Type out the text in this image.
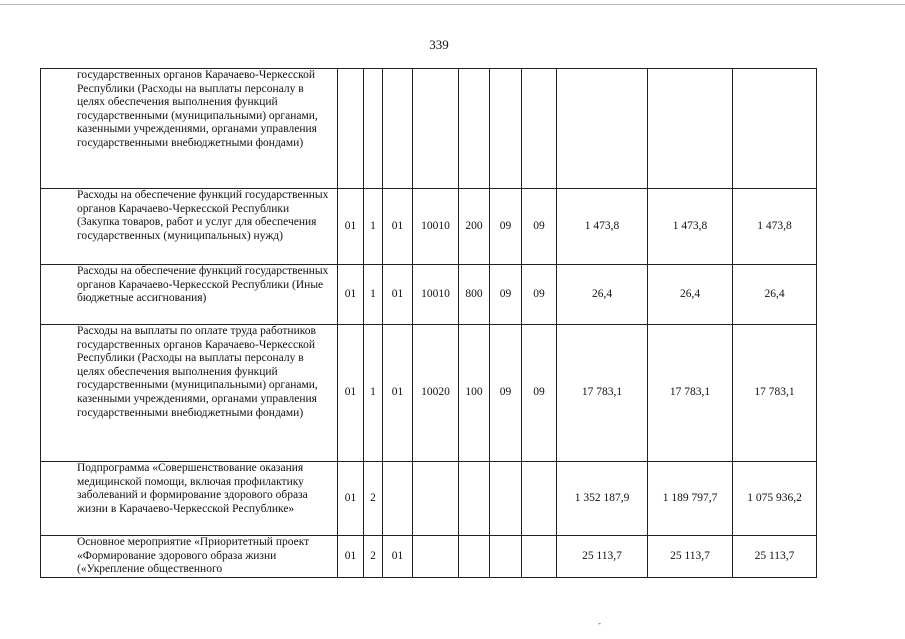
339
государственных органов Карачаево-Черкесской Республики (Расходы на выплаты персоналу в целях обеспечения выполнения функций государственными (муниципальными) органами, казенными учреждениями, органами управления государственными внебюджетными фондами)										
Расходы на обеспечение функций государственных органов Карачаево-Черкесской Республики (Закупка товаров, работ и услуг для обеспечения государственных (муниципальных) нужд)	01	1	01	10010	200	09	09	1 473,8	1 473,8	1 473,8
Расходы на обеспечение функций государственных органов Карачаево-Черкесской Республики (Иные бюджетные ассигнования)	01	1	01	10010	800	09	09	26,4	26,4	26,4
Расходы на выплаты по оплате труда работников государственных органов Карачаево-Черкесской Республики (Расходы на выплаты персоналу в целях обеспечения выполнения функций государственными (муниципальными) органами, казенными учреждениями, органами управления государственными внебюджетными фондами)	01	1	01	10020	100	09	09	17 783,1	17 783,1	17 783,1
Подпрограмма «Совершенствование оказания медицинской помощи, включая профилактику заболеваний и формирование здорового образа жизни в Карачаево-Черкесской Республике»	01	2						1 352 187,9	1 189 797,7	1 075 936,2
Основное мероприятие «Приоритетный проект «Формирование здорового образа жизни («Укрепление общественного	01	2	01					25 113,7	25 113,7	25 113,7
-
